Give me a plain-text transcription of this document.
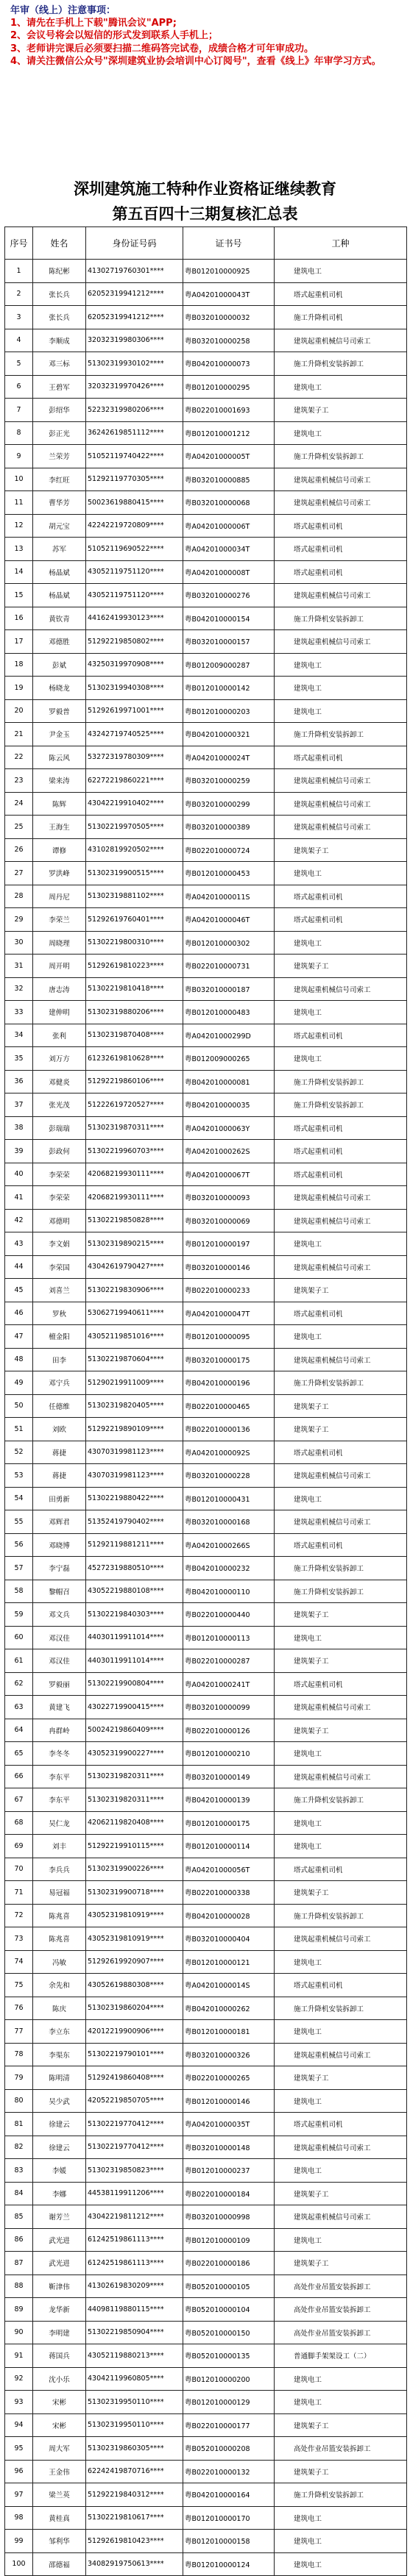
年审（线上）注意事项：
1、请先在手机上下载"腾讯会议"APP;
2、会议号将会以短信的形式发到联系人手机上；
3、老师讲完课后必须要扫描二维码答完试卷，成绩合格才可年审成功。
4、请关注微信公众号"深圳建筑业协会培训中心订阅号"，查看《线上》年审学习方式。
深圳建筑施工特种作业资格证继续教育
第五百四十三期复核汇总表
序号	姓名	身份证号码	证书号	工种
1	陈纪彬	41302719760301****	粤B012010000925	建筑电工
2	张长兵	62052319941212****	粤A04201000043T	塔式起重机司机
3	张长兵	62052319941212****	粤B032010000032	施工升降机司机
4	李顺成	32032319980306****	粤B032010000258	建筑起重机械信号司索工
5	邓三标	51302319930102****	粤B042010000073	施工升降机安装拆卸工
6	王碧军	32032319970426****	粤B012010000295	建筑电工
7	彭绍华	52232319980206****	粤B022010001693	建筑架子工
8	彭正光	36242619851112****	粤B012010001212	建筑电工
9	兰荣芳	51052119740422****	粤A04201000005T	施工升降机安装拆卸工
10	李红旺	51292119770305****	粤B032010000885	建筑起重机械信号司索工
11	曹华芳	50023619880415****	粤B032010000068	建筑起重机械信号司索工
12	胡元宝	42242219720809****	粤A04201000006T	塔式起重机司机
13	苏军	51052119690522****	粤A04201000034T	塔式起重机司机
14	杨晶斌	43052119751120****	粤A04201000008T	塔式起重机司机
15	杨晶斌	43052119751120****	粤B032010000276	建筑起重机械信号司索工
16	黄钦青	44162419930123****	粤B042010000154	施工升降机安装拆卸工
17	邓德胜	51292219850802****	粤B032010000157	建筑起重机械信号司索工
18	彭斌	43250319970908****	粤B012009000287	建筑电工
19	杨晓龙	51302319940308****	粤B012010000142	建筑电工
20	罗毅普	51292619971001****	粤B012010000203	建筑电工
21	尹金玉	43242719740525****	粤B042010000321	施工升降机安装拆卸工
22	陈云风	53272319780309****	粤A04201000024T	塔式起重机司机
23	梁来涛	62272219860221****	粤B032010000259	建筑起重机械信号司索工
24	陈辉	43042219910402****	粤B032010000299	建筑起重机械信号司索工
25	王海生	51302219970505****	粤B032010000389	建筑起重机械信号司索工
26	谭修	43102819920502****	粤B022010000724	建筑架子工
27	罗洪峰	51302319900515****	粤B012010000453	建筑电工
28	周丹尼	51302319881102****	粤A04201000011S	塔式起重机司机
29	李荣兰	51292619760401****	粤A04201000046T	塔式起重机司机
30	周晓理	51302219800310****	粤B012010000302	建筑电工
31	周开明	51292619810223****	粤B022010000731	建筑架子工
32	唐志涛	51302219810418****	粤B032010000187	建筑起重机械信号司索工
33	建伸明	51302319880206****	粤B012010000483	建筑电工
34	张利	51302319870408****	粤A04201000299D	塔式起重机司机
35	刘万方	61232619810628****	粤B012009000265	建筑电工
36	邓健炎	51292219860106****	粤B042010000081	施工升降机安装拆卸工
37	张光茂	51222619720527****	粤B042010000035	施工升降机安装拆卸工
38	彭瑞瑞	51302319870311****	粤A04201000063Y	塔式起重机司机
39	彭政何	51302219960703****	粤A04201000262S	塔式起重机司机
40	李荣荣	42068219930111****	粤A04201000067T	塔式起重机司机
41	李荣荣	42068219930111****	粤B032010000093	建筑起重机械信号司索工
42	邓德明	51302219850828****	粤B032010000069	建筑起重机械信号司索工
43	李文娟	51302319890215****	粤B012010000197	建筑电工
44	李荣国	43042619790427****	粤B032010000146	建筑起重机械信号司索工
45	刘喜兰	51302219830906****	粤B022010000233	建筑架子工
46	罗秋	53062719940611****	粤A04201000047T	塔式起重机司机
47	檀金阳	43052119851016****	粤B012010000095	建筑电工
48	田李	51302219870604****	粤B032010000175	建筑起重机械信号司索工
49	邓宁兵	51290219911009****	粤B042010000196	施工升降机安装拆卸工
50	任德维	51302319820405****	粤B022010000465	建筑架子工
51	刘欧	51292219890109****	粤B022010000136	建筑架子工
52	蒋捷	43070319981123****	粤A04201000092S	塔式起重机司机
53	蒋捷	43070319981123****	粤B032010000228	建筑起重机械信号司索工
54	田勇新	51302219880422****	粤B012010000431	建筑电工
55	邓辉君	51352419790402****	粤B032010000168	建筑起重机械信号司索工
56	邓晓博	51292119881211****	粤A04201000266S	塔式起重机司机
57	李宁磊	45272319880510****	粤B042010000232	施工升降机安装拆卸工
58	黎帽召	43052219880108****	粤B042010000110	施工升降机安装拆卸工
59	邓文兵	51302219840303****	粤B022010000440	建筑架子工
60	邓汉佳	44030119911014****	粤B012010000113	建筑电工
61	邓汉佳	44030119911014****	粤B022010000287	建筑架子工
62	罗毅丽	51302219900804****	粤A04201000241T	塔式起重机司机
63	黄建飞	43022719900415****	粤B032010000099	建筑起重机械信号司索工
64	冉群岭	50024219860409****	粤B022010000126	建筑架子工
65	李冬冬	43052319900227****	粤B012010000210	建筑电工
66	李东平	51302319820311****	粤B032010000149	建筑起重机械信号司索工
67	李东平	51302319820311****	粤B042010000139	施工升降机安装拆卸工
68	吴仁龙	42062119820408****	粤B012010000175	建筑电工
69	刘丰	51292219910115****	粤B012010000114	建筑电工
70	李兵兵	51302319900226****	粤A04201000056T	塔式起重机司机
71	易冠福	51302319900718****	粤B022010000338	建筑架子工
72	陈兆喜	43052319810919****	粤B042010000028	施工升降机安装拆卸工
73	陈兆喜	43052319810919****	粤B032010000404	建筑起重机械信号司索工
74	冯敏	51292619920907****	粤B012010000121	建筑电工
75	余先和	43052619880308****	粤A04201000014S	塔式起重机司机
76	陈庆	51302319860204****	粤B042010000262	施工升降机安装拆卸工
77	李立东	42012219900906****	粤B012010000181	建筑电工
78	李渠东	51302219790101****	粤B032010000326	建筑起重机械信号司索工
79	陈明清	51292419860408****	粤B022010000265	建筑架子工
80	吴少武	42052219850705****	粤B012010000146	建筑电工
81	徐建云	51302219770412****	粤A04201000035T	塔式起重机司机
82	徐建云	51302219770412****	粤B032010000148	建筑起重机械信号司索工
83	李媛	51302319850823****	粤B012010000237	建筑电工
84	李娜	44538119911206****	粤B022010000184	建筑架子工
85	谢芳兰	43042219811212****	粤B032010000998	建筑起重机械信号司索工
86	武光进	61242519861113****	粤B012010000109	建筑电工
87	武光进	61242519861113****	粤B022010000186	建筑架子工
88	靳津伟	41302619830209****	粤B052010000105	高处作业吊篮安装拆卸工
89	龙华新	44098119880115****	粤B052010000104	高处作业吊篮安装拆卸工
90	李明建	51302219850904****	粤B052010000150	高处作业吊篮安装拆卸工
91	蒋国兵	43052119880213****	粤B052010000135	普通脚手架架设工（二）
92	沈小乐	43042119960805****	粤B012010000200	建筑电工
93	宋彬	51302319950110****	粤B012010000129	建筑电工
94	宋彬	51302319950110****	粤B022010000177	建筑架子工
95	周大军	51302319860305****	粤B052010000208	高处作业吊篮安装拆卸工
96	王金伟	62242419870716****	粤B022010000132	建筑架子工
97	梁兰英	51292219840312****	粤B042010000164	施工升降机安装拆卸工
98	黄桂真	51302219810617****	粤B012010000170	建筑电工
99	邹利华	51292619810423****	粤B012010000158	建筑电工
100	邵德福	34082919750613****	粤B012010000124	建筑电工
